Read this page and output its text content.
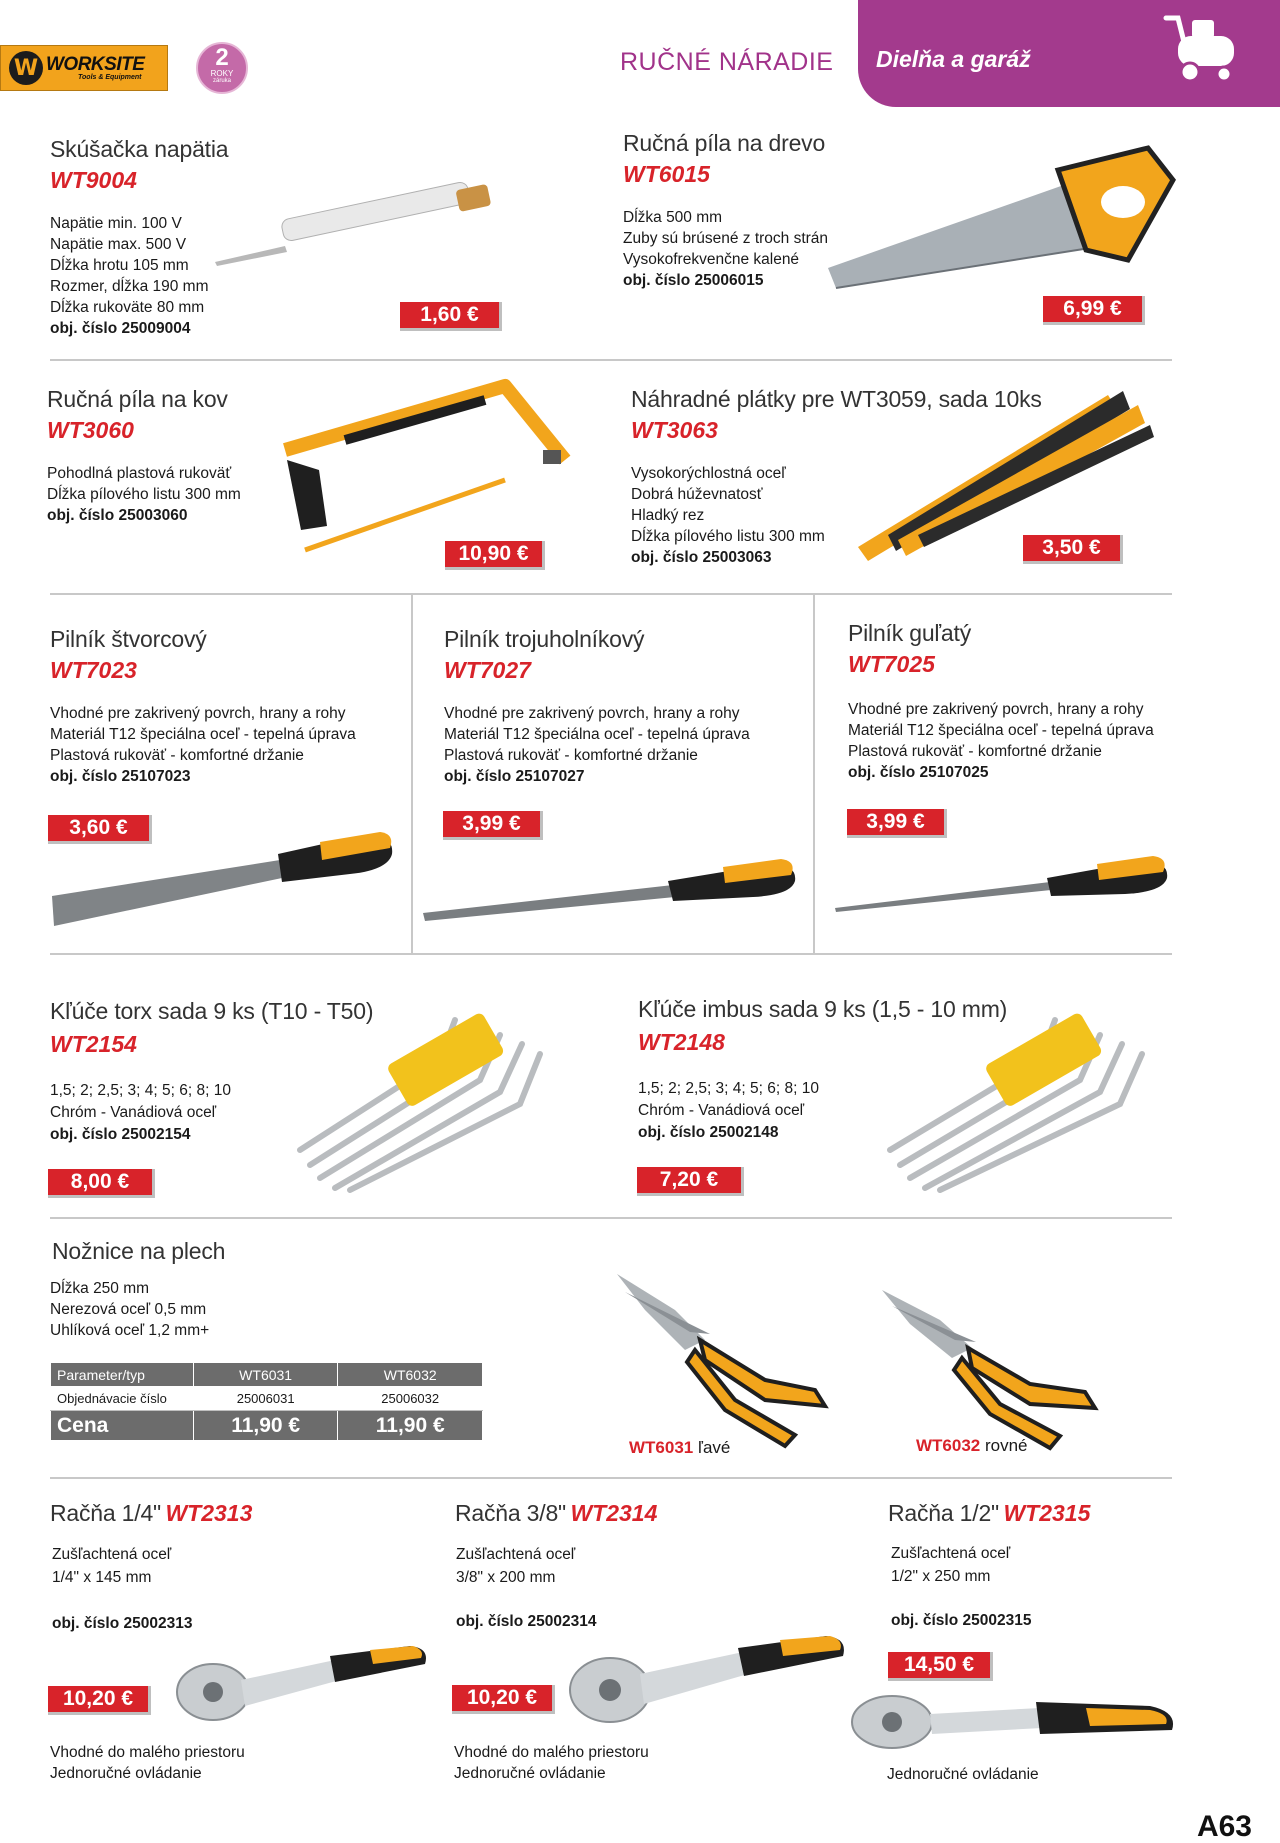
W WORKSITE
Tools & Equipment
2
ROKY
záruka
RUČNÉ NÁRADIE Dielňa a garáž
Skúšačka napätia
WT9004
Napätie min. 100 V
Napätie max. 500 V
Dĺžka hrotu 105 mm
Rozmer, dĺžka 190 mm
Dĺžka rukoväte 80 mm
obj. číslo 25009004
1,60 €
Ručná píla na drevo
WT6015
Dĺžka 500 mm
Zuby sú brúsené z troch strán
Vysokofrekvenčne kalené
obj. číslo 25006015
6,99 €
Ručná píla na kov
WT3060
Pohodlná plastová rukoväť
Dĺžka pílového listu 300 mm
obj. číslo 25003060
10,90 €
Náhradné plátky pre WT3059, sada 10ks
WT3063
Vysokorýchlostná oceľ
Dobrá húževnatosť
Hladký rez
Dĺžka pílového listu 300 mm
obj. číslo 25003063	3,50 €
Pilník štvorcový
WT7023
Vhodné pre zakrivený povrch, hrany a rohy
Materiál T12 špeciálna oceľ - tepelná úprava
Plastová rukoväť - komfortné držanie
obj. číslo 25107023
3,60 €
Pilník trojuholníkový
WT7027
Vhodné pre zakrivený povrch, hrany a rohy
Materiál T12 špeciálna oceľ - tepelná úprava
Plastová rukoväť - komfortné držanie
obj. číslo 25107027
3,99 €
Pilník guľatý
WT7025
Vhodné pre zakrivený povrch, hrany a rohy
Materiál T12 špeciálna oceľ - tepelná úprava
Plastová rukoväť - komfortné držanie
obj. číslo 25107025
3,99 €
Kľúče torx sada 9 ks (T10 - T50)
WT2154
1,5; 2; 2,5; 3; 4; 5; 6; 8; 10
Chróm - Vanádiová oceľ
obj. číslo 25002154
8,00 €
Kľúče imbus sada 9 ks (1,5 - 10 mm)
WT2148
1,5; 2; 2,5; 3; 4; 5; 6; 8; 10
Chróm - Vanádiová oceľ
obj. číslo 25002148
7,20 €
Nožnice na plech
Dĺžka 250 mm
Nerezová oceľ 0,5 mm
Uhlíková oceľ 1,2 mm+
Parameter/typ	WT6031	WT6032
Objednávacie číslo	25006031	25006032
Cena	11,90 €	11,90 €
WT6031 ľavé	WT6032 rovné
Račňa 1/4" WT2313
Zušľachtená oceľ
1/4" x 145 mm
obj. číslo 25002313
10,20 €
Vhodné do malého priestoru
Jednoručné ovládanie
Račňa 3/8" WT2314
Zušľachtená oceľ
3/8" x 200 mm
obj. číslo 25002314
10,20 €
Vhodné do malého priestoru
Jednoručné ovládanie
Račňa 1/2" WT2315
Zušľachtená oceľ
1/2" x 250 mm
obj. číslo 25002315
14,50 €
Jednoručné ovládanie
A63
